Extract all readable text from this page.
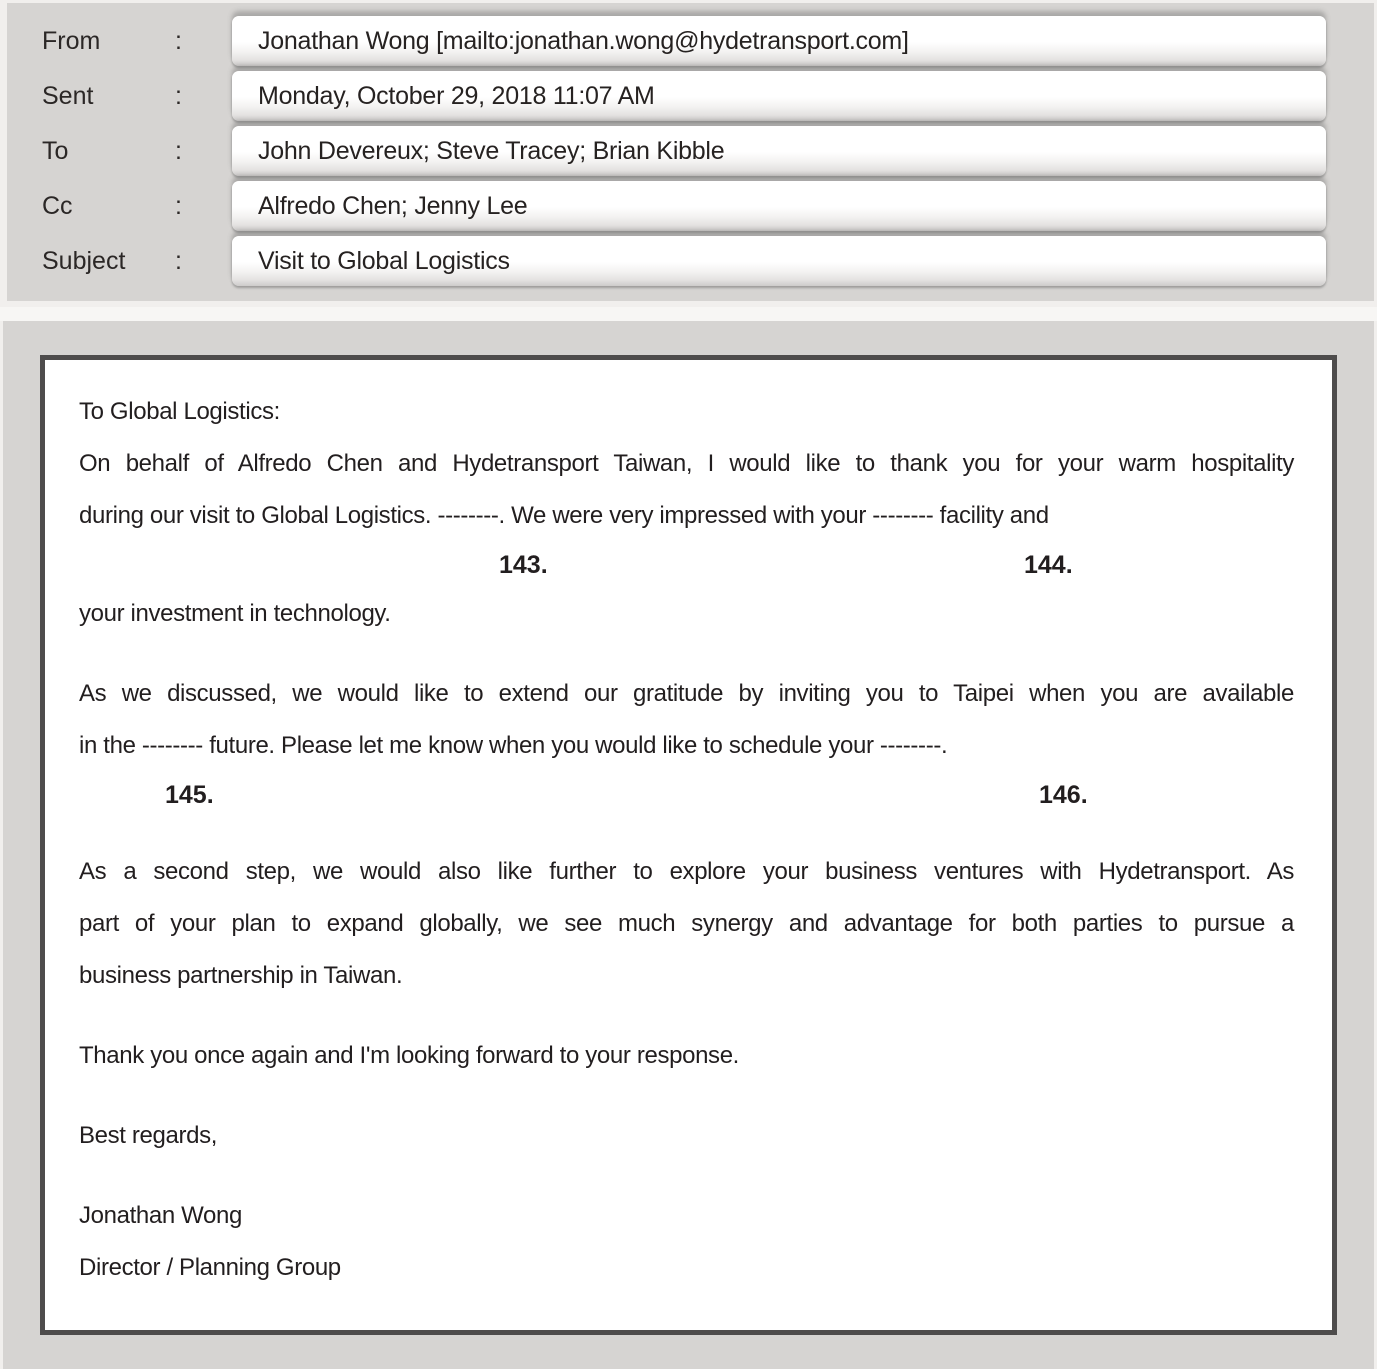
From	:	Jonathan Wong [mailto:jonathan.wong@hydetransport.com]
Sent	:	Monday, October 29, 2018 11:07 AM
To	:	John Devereux; Steve Tracey; Brian Kibble
Cc	:	Alfredo Chen; Jenny Lee
Subject	:	Visit to Global Logistics
To Global Logistics:
On behalf of Alfredo Chen and Hydetransport Taiwan, I would like to thank you for your warm hospitality
during our visit to Global Logistics. --------. We were very impressed with your -------- facility and
143.	144.
your investment in technology.
As we discussed, we would like to extend our gratitude by inviting you to Taipei when you are available
in the -------- future. Please let me know when you would like to schedule your --------.
145.	146.
As a second step, we would also like further to explore your business ventures with Hydetransport. As
part of your plan to expand globally, we see much synergy and advantage for both parties to pursue a
business partnership in Taiwan.
Thank you once again and I'm looking forward to your response.
Best regards,
Jonathan Wong
Director / Planning Group
